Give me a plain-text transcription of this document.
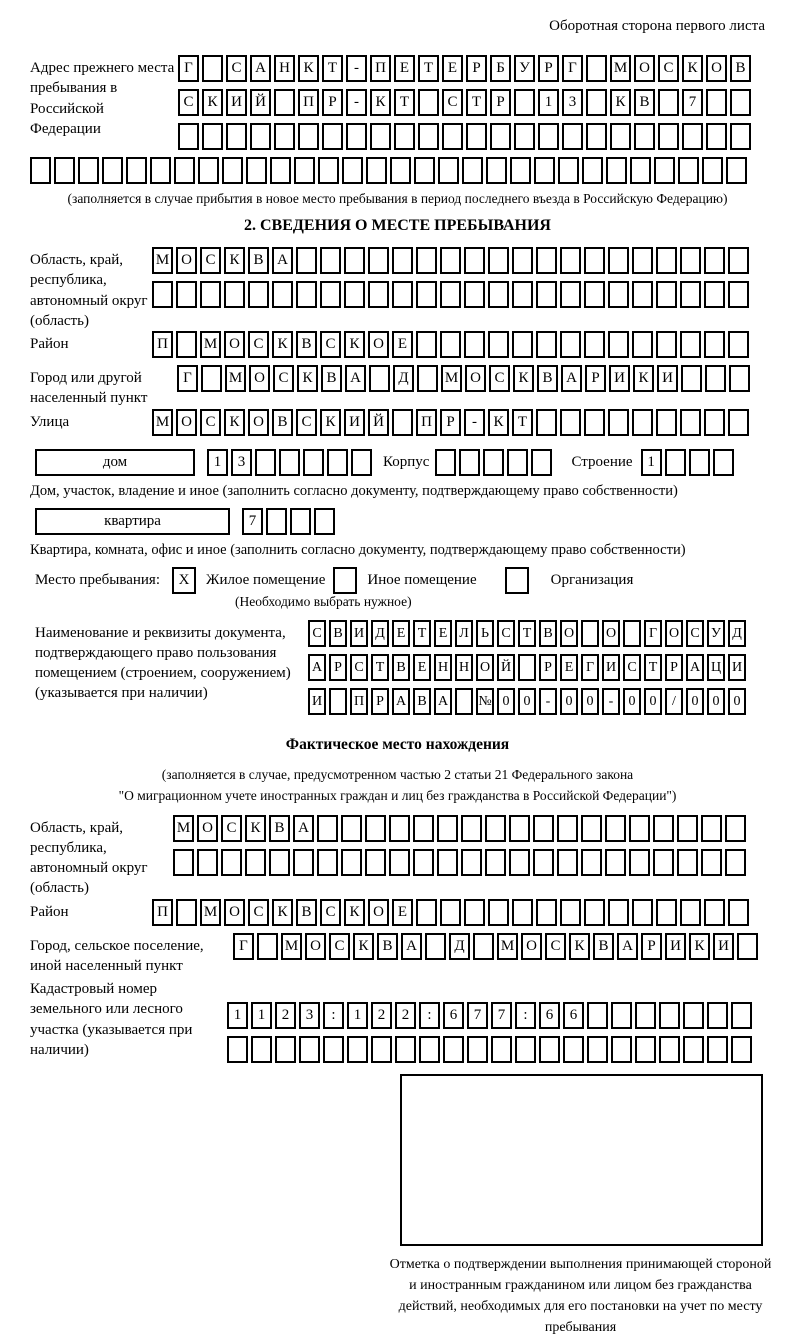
Оборотная сторона первого листа
Адрес прежнего места пребывания в Российской Федерации
Г	С А Н К Т - П Е Т Е Р Б У Р Г М О С К О В
С К И Й П Р - К Т	С Т Р	1 3	К В	7
(заполняется в случае прибытия в новое место пребывания в период последнего въезда в Российскую Федерацию)
2. СВЕДЕНИЯ О МЕСТЕ ПРЕБЫВАНИЯ
Область, край, республика, автономный округ (область)
М О С К В А
Район	П М О С К В С К О Е
Город или другой населенный пункт
Г М О С К В А Д М О С К В А Р И К И
Улица	М О С К О В С К И Й П Р - К Т
дом	1 3	Корпус	Строение 1
Дом, участок, владение и иное (заполнить согласно документу, подтверждающему право собственности)
квартира	7
Квартира, комната, офис и иное (заполнить согласно документу, подтверждающему право собственности)
Место пребывания:	X	Жилое помещение	Иное помещение	Организация
(Необходимо выбрать нужное)
Наименование и реквизиты документа, подтверждающего право пользования помещением (строением, сооружением) (указывается при наличии)
С В И Д Е Т Е Л Ь С Т В О О Г О С У Д
А Р С Т В Е Н Н О Й Р Е Г И С Т Р А Ц И
И П Р А В А № 0 0 - 0 0 - 0 0 / 0 0 0
Фактическое место нахождения
(заполняется в случае, предусмотренном частью 2 статьи 21 Федерального закона
"О миграционном учете иностранных граждан и лиц без гражданства в Российской Федерации")
Область, край, республика, автономный округ (область)
М О С К В А
Район	П М О С К В С К О Е
Город, сельское поселение, иной населенный пункт
Г М О С К В А Д М О С К В А Р И К И
Кадастровый номер земельного или лесного участка (указывается при наличии)
1 1 2 3 : 1 2 2 : 6 7 7 : 6 6
Отметка о подтверждении выполнения принимающей стороной и иностранным гражданином или лицом без гражданства действий, необходимых для его постановки на учет по месту пребывания
